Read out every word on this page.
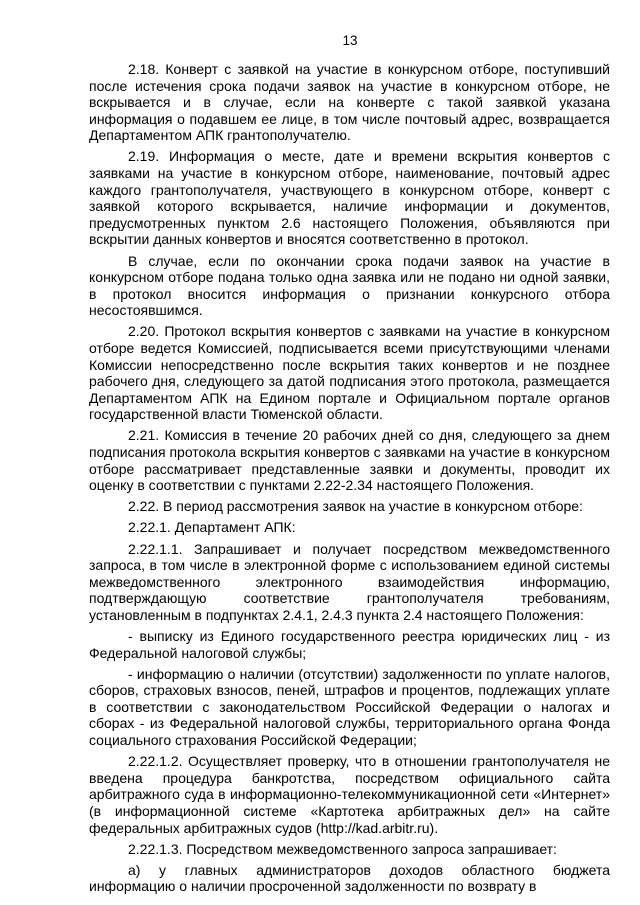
13

2.18. Конверт с заявкой на участие в конкурсном отборе, поступивший после истечения срока подачи заявок на участие в конкурсном отборе, не вскрывается и в случае, если на конверте с такой заявкой указана информация о подавшем ее лице, в том числе почтовый адрес, возвращается Департаментом АПК грантополучателю.

2.19. Информация о месте, дате и времени вскрытия конвертов с заявками на участие в конкурсном отборе, наименование, почтовый адрес каждого грантополучателя, участвующего в конкурсном отборе, конверт с заявкой которого вскрывается, наличие информации и документов, предусмотренных пунктом 2.6 настоящего Положения, объявляются при вскрытии данных конвертов и вносятся соответственно в протокол.

В случае, если по окончании срока подачи заявок на участие в конкурсном отборе подана только одна заявка или не подано ни одной заявки, в протокол вносится информация о признании конкурсного отбора несостоявшимся.

2.20. Протокол вскрытия конвертов с заявками на участие в конкурсном отборе ведется Комиссией, подписывается всеми присутствующими членами Комиссии непосредственно после вскрытия таких конвертов и не позднее рабочего дня, следующего за датой подписания этого протокола, размещается Департаментом АПК на Едином портале и Официальном портале органов государственной власти Тюменской области.

2.21. Комиссия в течение 20 рабочих дней со дня, следующего за днем подписания протокола вскрытия конвертов с заявками на участие в конкурсном отборе рассматривает представленные заявки и документы, проводит их оценку в соответствии с пунктами 2.22-2.34 настоящего Положения.

2.22. В период рассмотрения заявок на участие в конкурсном отборе:

2.22.1. Департамент АПК:

2.22.1.1. Запрашивает и получает посредством межведомственного запроса, в том числе в электронной форме с использованием единой системы межведомственного электронного взаимодействия информацию, подтверждающую соответствие грантополучателя требованиям, установленным в подпунктах 2.4.1, 2.4.3 пункта 2.4 настоящего Положения:

- выписку из Единого государственного реестра юридических лиц - из Федеральной налоговой службы;

- информацию о наличии (отсутствии) задолженности по уплате налогов, сборов, страховых взносов, пеней, штрафов и процентов, подлежащих уплате в соответствии с законодательством Российской Федерации о налогах и сборах - из Федеральной налоговой службы, территориального органа Фонда социального страхования Российской Федерации;

2.22.1.2. Осуществляет проверку, что в отношении грантополучателя не введена процедура банкротства, посредством официального сайта арбитражного суда в информационно-телекоммуникационной сети «Интернет» (в информационной системе «Картотека арбитражных дел» на сайте федеральных арбитражных судов (http://kad.arbitr.ru).

2.22.1.3. Посредством межведомственного запроса запрашивает:

а) у главных администраторов доходов областного бюджета информацию о наличии просроченной задолженности по возврату в
